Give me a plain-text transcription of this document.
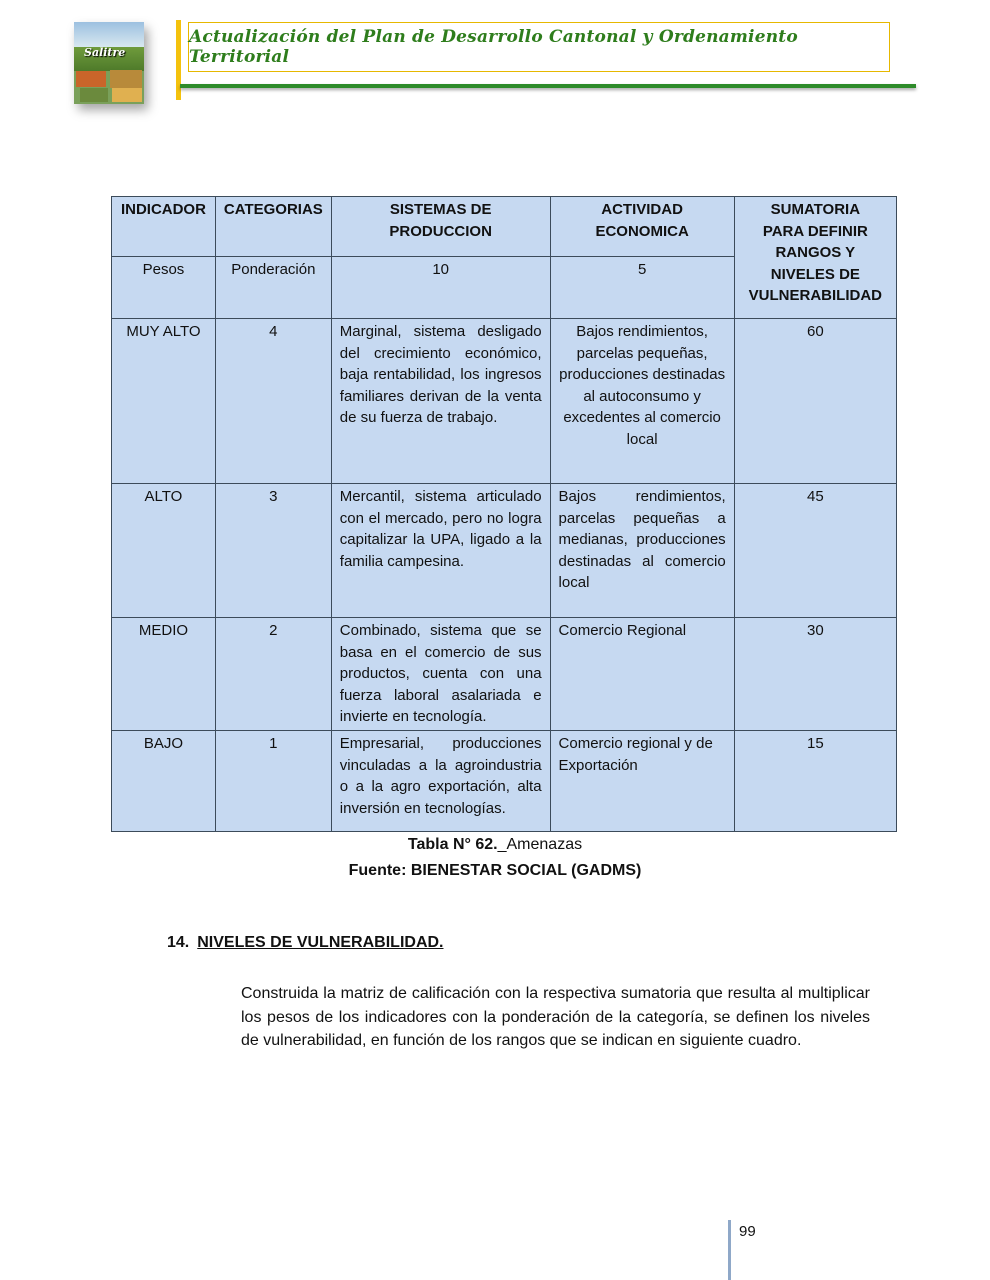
Salitre
Actualización del Plan de Desarrollo Cantonal y Ordenamiento Territorial
INDICADOR	CATEGORIAS	SISTEMAS DE PRODUCCION	ACTIVIDAD ECONOMICA	SUMATORIA PARA DEFINIR RANGOS Y NIVELES DE VULNERABILIDAD
Pesos	Ponderación	10	5	
MUY ALTO	4	Marginal, sistema desligado del crecimiento económico, baja rentabilidad, los ingresos familiares derivan de la venta de su fuerza de trabajo.	Bajos rendimientos, parcelas pequeñas, producciones destinadas al autoconsumo y excedentes al comercio local	60
ALTO	3	Mercantil, sistema articulado con el mercado, pero no logra capitalizar la UPA, ligado a la familia campesina.	Bajos rendimientos, parcelas pequeñas a medianas, producciones destinadas al comercio local	45
MEDIO	2	Combinado, sistema que se basa en el comercio de sus productos, cuenta con una fuerza laboral asalariada e invierte en tecnología.	Comercio Regional	30
BAJO	1	Empresarial, producciones vinculadas a la agroindustria o a la agro exportación, alta inversión en tecnologías.	Comercio regional y de Exportación	15
Tabla N° 62._Amenazas
Fuente: BIENESTAR SOCIAL (GADMS)
14. NIVELES DE VULNERABILIDAD.
Construida la matriz de calificación con la respectiva sumatoria que resulta al multiplicar los pesos de los indicadores con la ponderación de la categoría, se definen los niveles de vulnerabilidad, en función de los rangos que se indican en siguiente cuadro.
99
